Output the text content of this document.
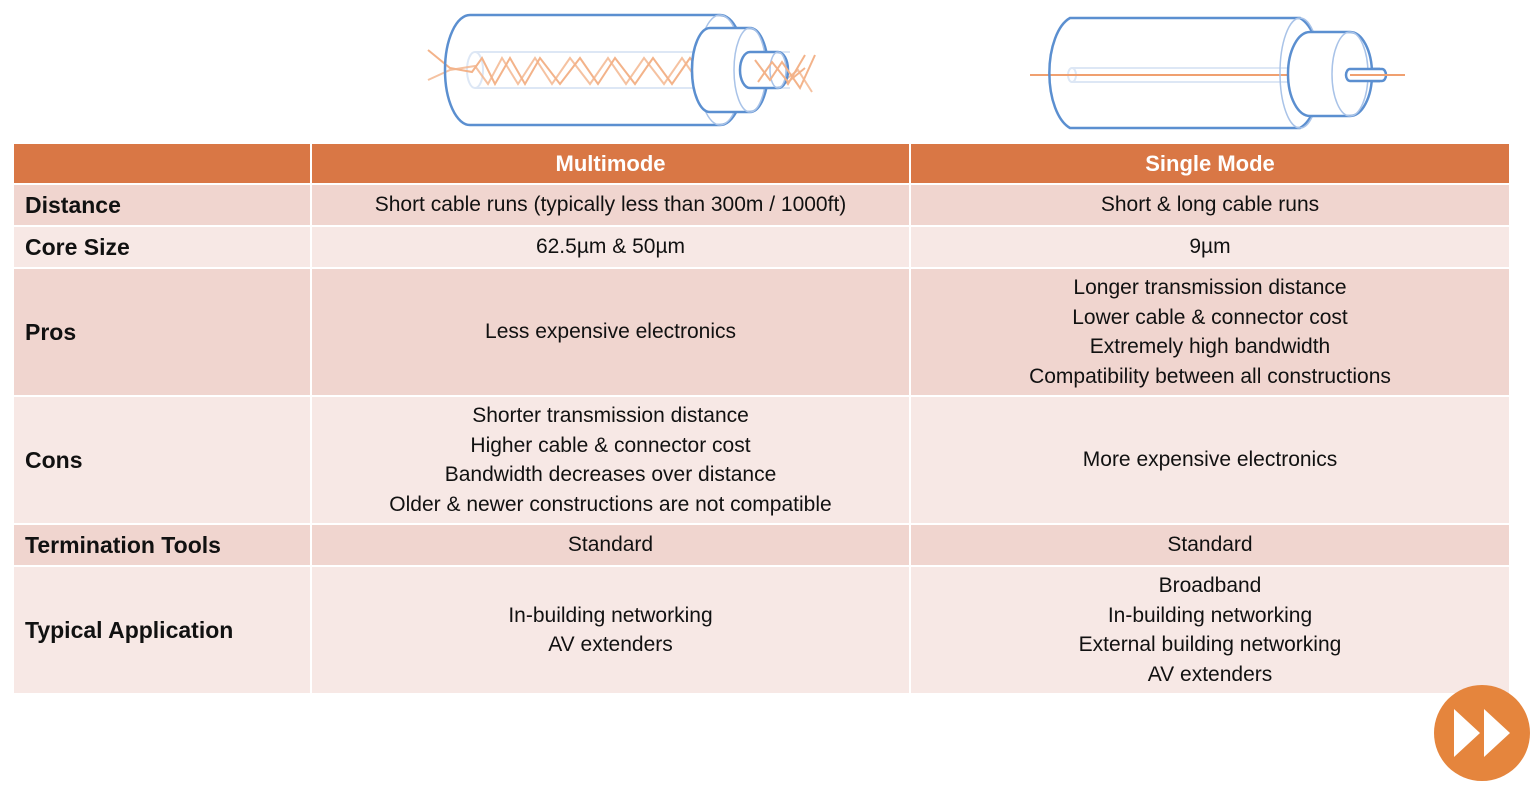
	Multimode	Single Mode
Distance	Short cable runs (typically less than 300m / 1000ft)	Short & long cable runs

Core Size	62.5µm & 50µm	9µm

Pros	Less expensive electronics	Longer transmission distance
Lower cable & connector cost
Extremely high bandwidth
Compatibility between all constructions

Cons	Shorter transmission distance
Higher cable & connector cost
Bandwidth decreases over distance
Older & newer constructions are not compatible	More expensive electronics

Termination Tools	Standard	Standard

Typical Application	In-building networking
AV extenders	Broadband
In-building networking
External building networking
AV extenders
